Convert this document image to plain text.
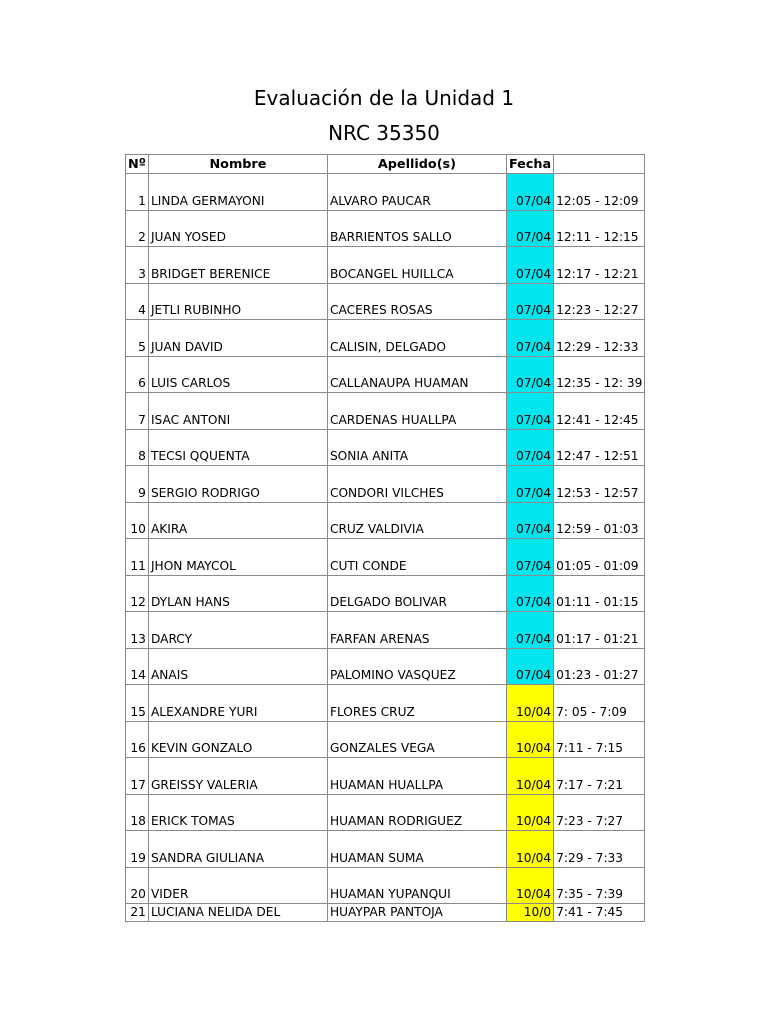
Evaluación de la Unidad 1
NRC 35350
Nº	Nombre	Apellido(s)	Fecha	
1	LINDA GERMAYONI	ALVARO PAUCAR	07/04	12:05 - 12:09
2	JUAN YOSED	BARRIENTOS SALLO	07/04	12:11 - 12:15
3	BRIDGET BERENICE	BOCANGEL HUILLCA	07/04	12:17 - 12:21
4	JETLI RUBINHO	CACERES ROSAS	07/04	12:23 - 12:27
5	JUAN DAVID	CALISIN, DELGADO	07/04	12:29 - 12:33
6	LUIS CARLOS	CALLANAUPA HUAMAN	07/04	12:35 - 12: 39
7	ISAC ANTONI	CARDENAS HUALLPA	07/04	12:41 - 12:45
8	TECSI QQUENTA	SONIA ANITA	07/04	12:47 - 12:51
9	SERGIO RODRIGO	CONDORI VILCHES	07/04	12:53 - 12:57
10	AKIRA	CRUZ VALDIVIA	07/04	12:59 - 01:03
11	JHON MAYCOL	CUTI CONDE	07/04	01:05 - 01:09
12	DYLAN HANS	DELGADO BOLIVAR	07/04	01:11 - 01:15
13	DARCY	FARFAN ARENAS	07/04	01:17 - 01:21
14	ANAIS	PALOMINO VASQUEZ	07/04	01:23 - 01:27
15	ALEXANDRE YURI	FLORES CRUZ	10/04	7: 05 - 7:09
16	KEVIN GONZALO	GONZALES VEGA	10/04	7:11 - 7:15
17	GREISSY VALERIA	HUAMAN HUALLPA	10/04	7:17 - 7:21
18	ERICK TOMAS	HUAMAN RODRIGUEZ	10/04	7:23 - 7:27
19	SANDRA GIULIANA	HUAMAN SUMA	10/04	7:29 - 7:33
20	VIDER	HUAMAN YUPANQUI	10/04	7:35 - 7:39
21	LUCIANA NELIDA DEL	HUAYPAR PANTOJA	10/0	7:41 - 7:45
